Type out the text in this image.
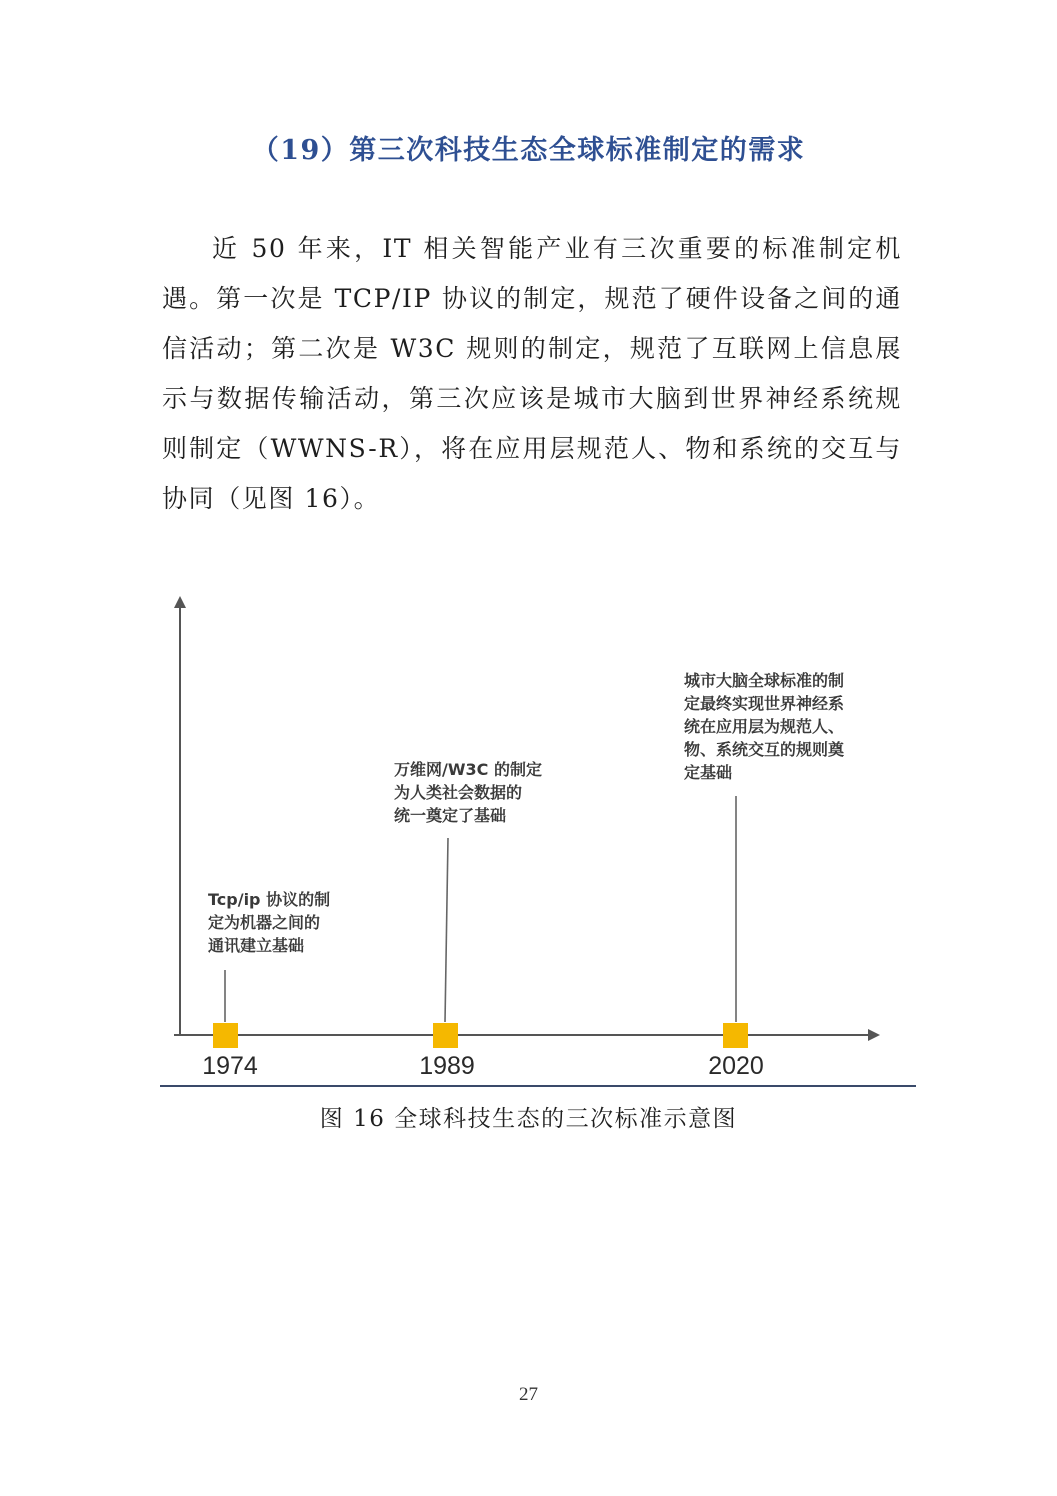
（19）第三次科技生态全球标准制定的需求
近 50 年来，IT 相关智能产业有三次重要的标准制定机遇。第一次是 TCP/IP 协议的制定，规范了硬件设备之间的通信活动；第二次是 W3C 规则的制定，规范了互联网上信息展示与数据传输活动，第三次应该是城市大脑到世界神经系统规则制定（WWNS-R），将在应用层规范人、物和系统的交互与协同（见图 16）。
Tcp/ip 协议的制
定为机器之间的
通讯建立基础
万维网/W3C 的制定
为人类社会数据的
统一奠定了基础
城市大脑全球标准的制
定最终实现世界神经系
统在应用层为规范人、
物、系统交互的规则奠
定基础
1974	1989	2020
图 16 全球科技生态的三次标准示意图
27
